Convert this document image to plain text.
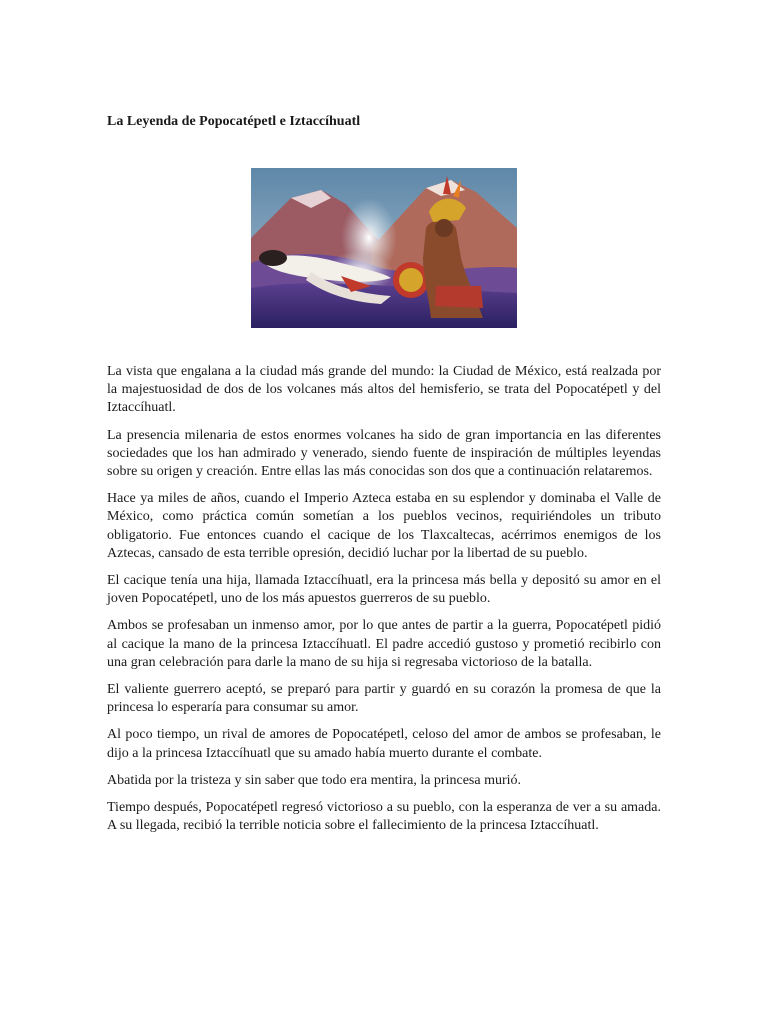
La Leyenda de Popocatépetl e Iztaccíhuatl

La vista que engalana a la ciudad más grande del mundo: la Ciudad de México, está realzada por la majestuosidad de dos de los volcanes más altos del hemisferio, se trata del Popocatépetl y del Iztaccíhuatl.

La presencia milenaria de estos enormes volcanes ha sido de gran importancia en las diferentes sociedades que los han admirado y venerado, siendo fuente de inspiración de múltiples leyendas sobre su origen y creación. Entre ellas las más conocidas son dos que a continuación relataremos.

Hace ya miles de años, cuando el Imperio Azteca estaba en su esplendor y dominaba el Valle de México, como práctica común sometían a los pueblos vecinos, requiriéndoles un tributo obligatorio. Fue entonces cuando el cacique de los Tlaxcaltecas, acérrimos enemigos de los Aztecas, cansado de esta terrible opresión, decidió luchar por la libertad de su pueblo.

El cacique tenía una hija, llamada Iztaccíhuatl, era la princesa más bella y depositó su amor en el joven Popocatépetl, uno de los más apuestos guerreros de su pueblo.

Ambos se profesaban un inmenso amor, por lo que antes de partir a la guerra, Popocatépetl pidió al cacique la mano de la princesa Iztaccíhuatl. El padre accedió gustoso y prometió recibirlo con una gran celebración para darle la mano de su hija si regresaba victorioso de la batalla.

El valiente guerrero aceptó, se preparó para partir y guardó en su corazón la promesa de que la princesa lo esperaría para consumar su amor.

Al poco tiempo, un rival de amores de Popocatépetl, celoso del amor de ambos se profesaban, le dijo a la princesa Iztaccíhuatl que su amado había muerto durante el combate.

Abatida por la tristeza y sin saber que todo era mentira, la princesa murió.

Tiempo después, Popocatépetl regresó victorioso a su pueblo, con la esperanza de ver a su amada. A su llegada, recibió la terrible noticia sobre el fallecimiento de la princesa Iztaccíhuatl.
